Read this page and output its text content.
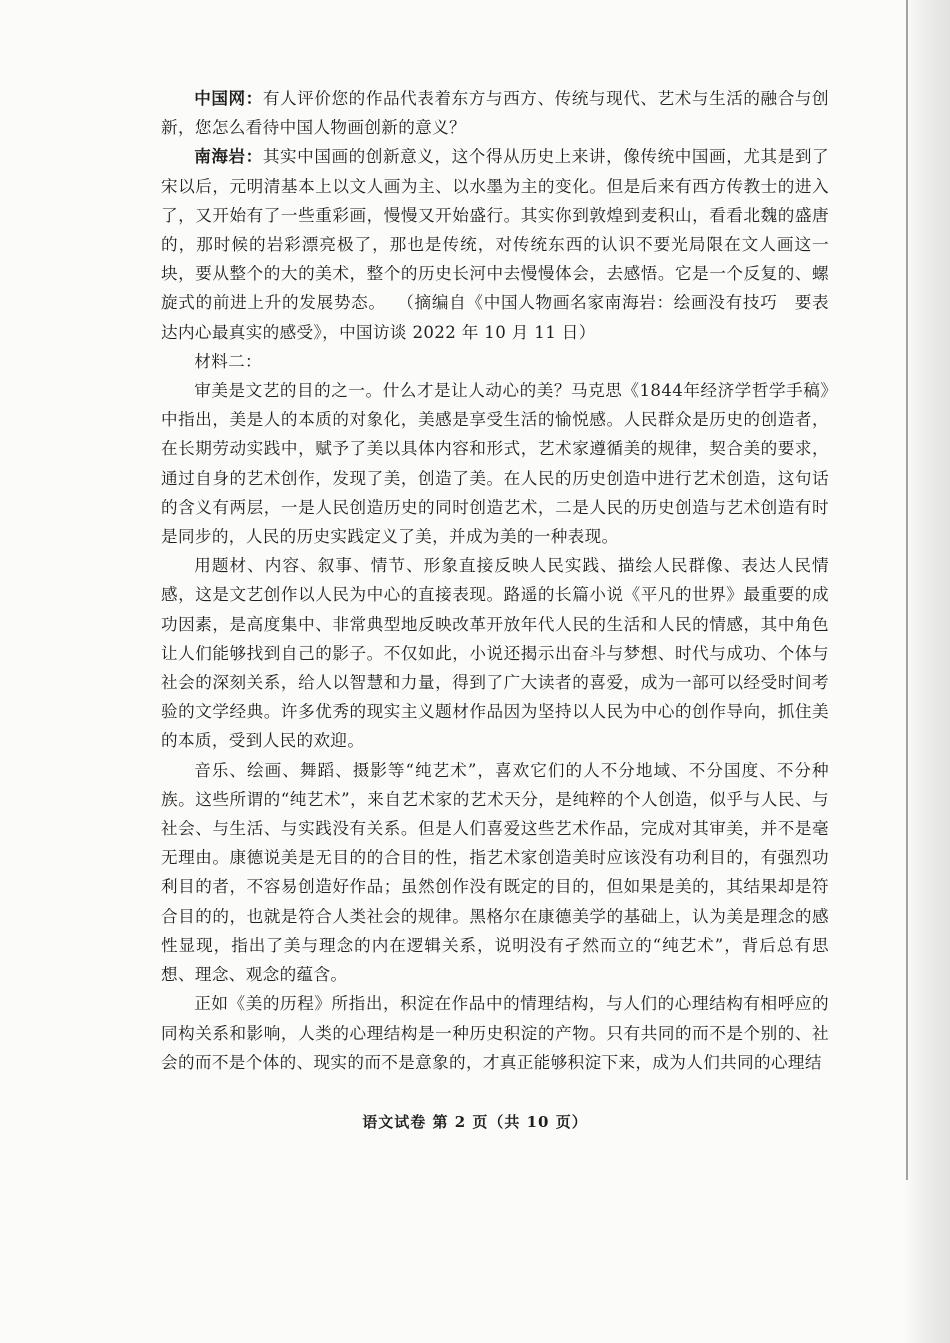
中国网：有人评价您的作品代表着东方与西方、传统与现代、艺术与生活的融合与创新，您怎么看待中国人物画创新的意义？

南海岩：其实中国画的创新意义，这个得从历史上来讲，像传统中国画，尤其是到了宋以后，元明清基本上以文人画为主、以水墨为主的变化。但是后来有西方传教士的进入了，又开始有了一些重彩画，慢慢又开始盛行。其实你到敦煌到麦积山，看看北魏的盛唐的，那时候的岩彩漂亮极了，那也是传统，对传统东西的认识不要光局限在文人画这一块，要从整个的大的美术，整个的历史长河中去慢慢体会，去感悟。它是一个反复的、螺旋式的前进上升的发展势态。 （摘编自《中国人物画名家南海岩：绘画没有技巧　要表达内心最真实的感受》，中国访谈 2022 年 10 月 11 日）

材料二：

审美是文艺的目的之一。什么才是让人动心的美？马克思《1844年经济学哲学手稿》中指出，美是人的本质的对象化，美感是享受生活的愉悦感。人民群众是历史的创造者，在长期劳动实践中，赋予了美以具体内容和形式，艺术家遵循美的规律，契合美的要求，通过自身的艺术创作，发现了美，创造了美。在人民的历史创造中进行艺术创造，这句话的含义有两层，一是人民创造历史的同时创造艺术，二是人民的历史创造与艺术创造有时是同步的，人民的历史实践定义了美，并成为美的一种表现。

用题材、内容、叙事、情节、形象直接反映人民实践、描绘人民群像、表达人民情感，这是文艺创作以人民为中心的直接表现。路遥的长篇小说《平凡的世界》最重要的成功因素，是高度集中、非常典型地反映改革开放年代人民的生活和人民的情感，其中角色让人们能够找到自己的影子。不仅如此，小说还揭示出奋斗与梦想、时代与成功、个体与社会的深刻关系，给人以智慧和力量，得到了广大读者的喜爱，成为一部可以经受时间考验的文学经典。许多优秀的现实主义题材作品因为坚持以人民为中心的创作导向，抓住美的本质，受到人民的欢迎。

音乐、绘画、舞蹈、摄影等“纯艺术”，喜欢它们的人不分地域、不分国度、不分种族。这些所谓的“纯艺术”，来自艺术家的艺术天分，是纯粹的个人创造，似乎与人民、与社会、与生活、与实践没有关系。但是人们喜爱这些艺术作品，完成对其审美，并不是毫无理由。康德说美是无目的的合目的性，指艺术家创造美时应该没有功利目的，有强烈功利目的者，不容易创造好作品；虽然创作没有既定的目的，但如果是美的，其结果却是符合目的的，也就是符合人类社会的规律。黑格尔在康德美学的基础上，认为美是理念的感性显现，指出了美与理念的内在逻辑关系，说明没有孑然而立的“纯艺术”，背后总有思想、理念、观念的蕴含。

正如《美的历程》所指出，积淀在作品中的情理结构，与人们的心理结构有相呼应的同构关系和影响，人类的心理结构是一种历史积淀的产物。只有共同的而不是个别的、社会的而不是个体的、现实的而不是意象的，才真正能够积淀下来，成为人们共同的心理结

语文试卷 第 2 页（共 10 页）
